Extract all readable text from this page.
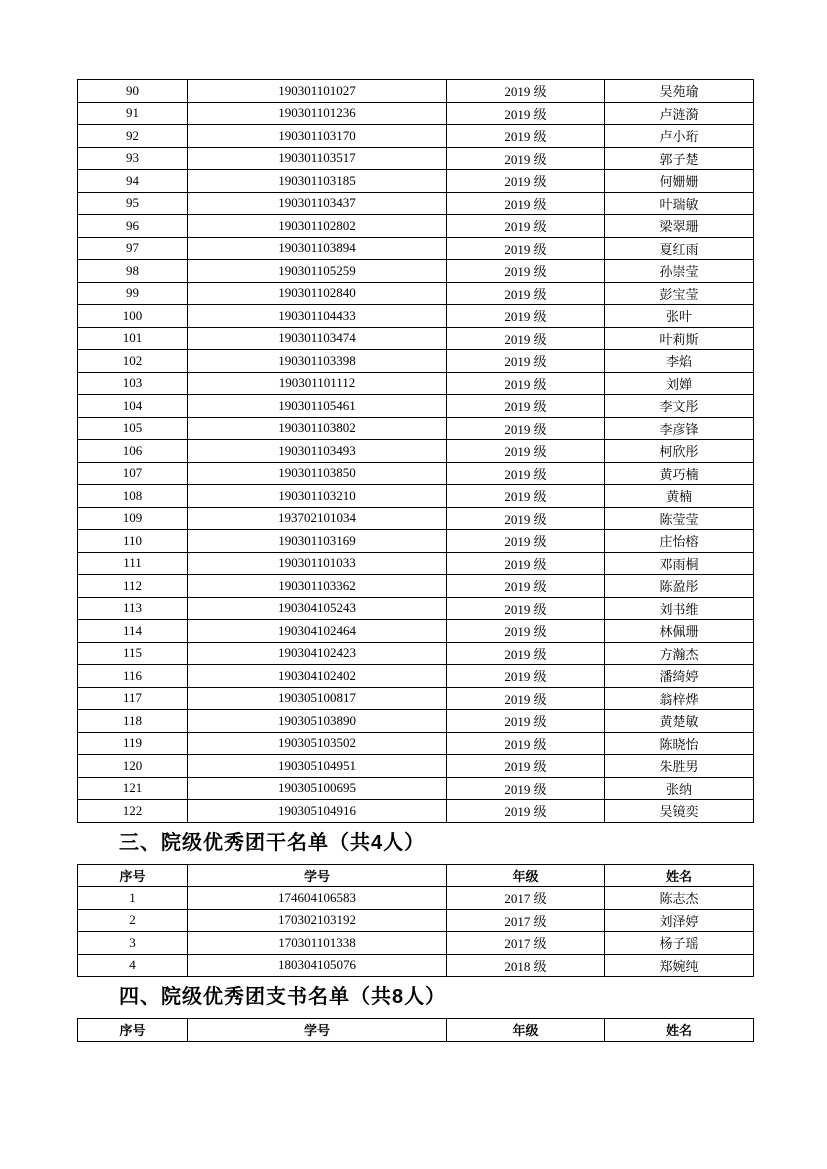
90	190301101027	2019 级	吴苑瑜
91	190301101236	2019 级	卢涟漪
92	190301103170	2019 级	卢小珩
93	190301103517	2019 级	郭子楚
94	190301103185	2019 级	何姗姗
95	190301103437	2019 级	叶瑞敏
96	190301102802	2019 级	梁翠珊
97	190301103894	2019 级	夏红雨
98	190301105259	2019 级	孙崇莹
99	190301102840	2019 级	彭宝莹
100	190301104433	2019 级	张叶
101	190301103474	2019 级	叶莉斯
102	190301103398	2019 级	李焰
103	190301101112	2019 级	刘婵
104	190301105461	2019 级	李文彤
105	190301103802	2019 级	李彦锋
106	190301103493	2019 级	柯欣彤
107	190301103850	2019 级	黄巧楠
108	190301103210	2019 级	黄楠
109	193702101034	2019 级	陈莹莹
110	190301103169	2019 级	庄怡榕
111	190301101033	2019 级	邓雨桐
112	190301103362	2019 级	陈盈彤
113	190304105243	2019 级	刘书维
114	190304102464	2019 级	林佩珊
115	190304102423	2019 级	方瀚杰
116	190304102402	2019 级	潘绮婷
117	190305100817	2019 级	翁梓烨
118	190305103890	2019 级	黄楚敏
119	190305103502	2019 级	陈晓怡
120	190305104951	2019 级	朱胜男
121	190305100695	2019 级	张纳
122	190305104916	2019 级	吴镜奕
三、院级优秀团干名单（共4人）
序号	学号	年级	姓名
1	174604106583	2017 级	陈志杰
2	170302103192	2017 级	刘泽婷
3	170301101338	2017 级	杨子瑶
4	180304105076	2018 级	郑婉纯
四、院级优秀团支书名单（共8人）
序号	学号	年级	姓名
